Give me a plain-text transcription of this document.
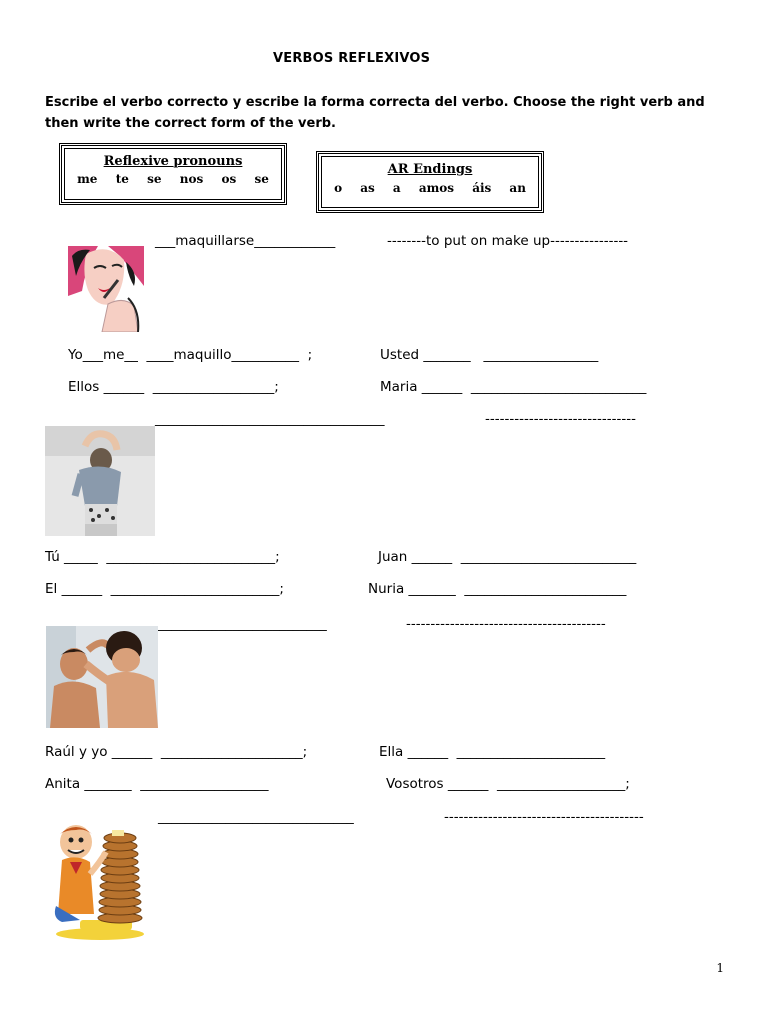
VERBOS REFLEXIVOS
Escribe el verbo correcto y escribe la forma correcta del verbo. Choose the right verb and then write the correct form of the verb.
Reflexive pronouns
me te se nos os se
AR Endings
o as a amos áis an
___maquillarse____________	--------to put on make up----------------
Yo___me__  ____maquillo__________  ;	Usted _______   _________________
Ellos ______  __________________;	Maria ______  __________________________
__________________________________	-------------------------------
Tú _____  _________________________;	Juan ______  __________________________
El ______  _________________________;	Nuria _______  ________________________
_________________________	-----------------------------------------
Raúl y yo ______  _____________________;	Ella ______  ______________________
Anita _______  ___________________	Vosotros ______  ___________________;
_____________________________	-----------------------------------------
1
